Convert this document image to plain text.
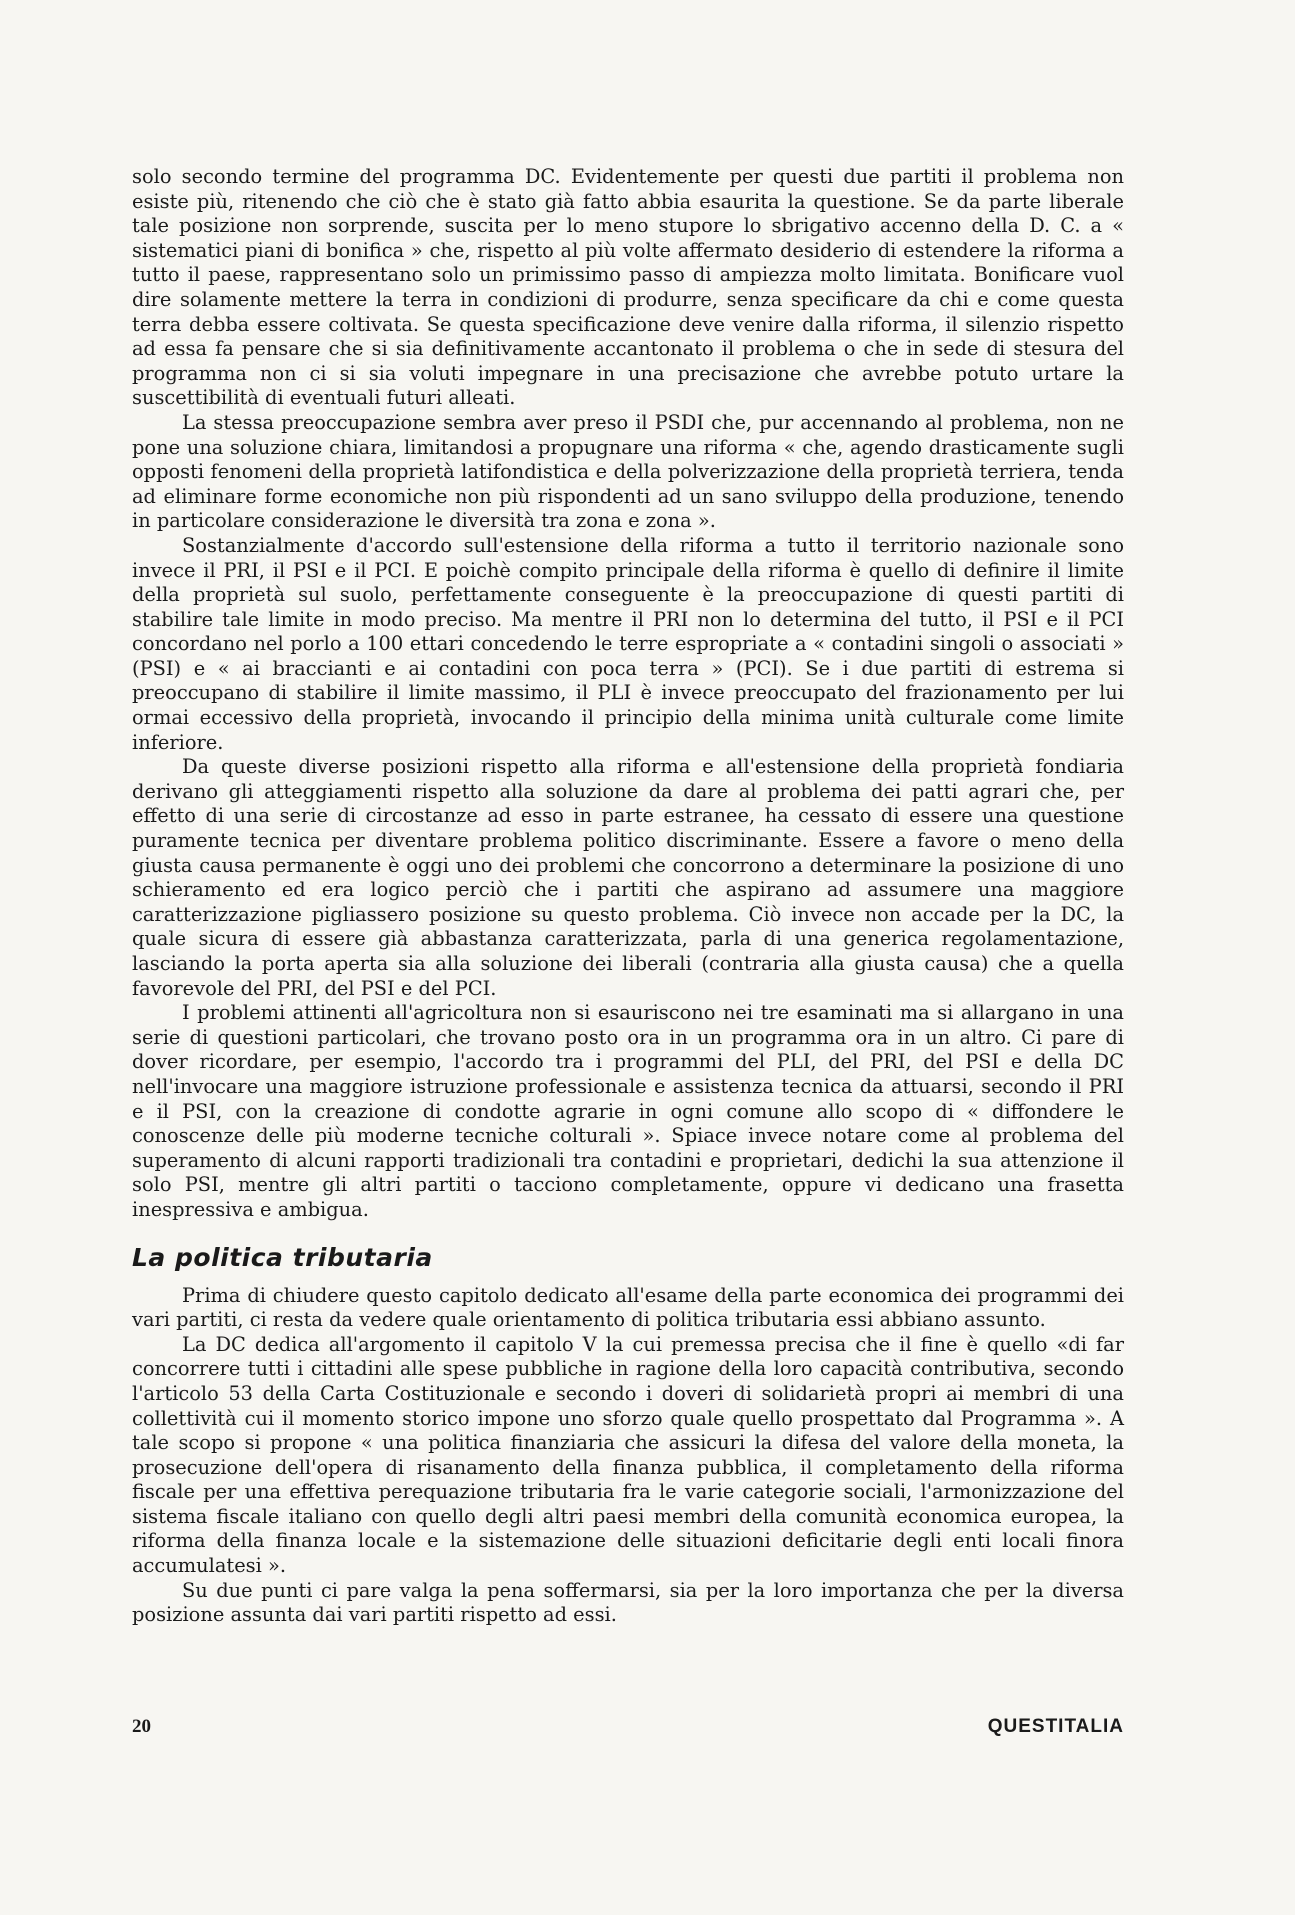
solo secondo termine del programma DC. Evidentemente per questi due partiti il problema non esiste più, ritenendo che ciò che è stato già fatto abbia esaurita la questione. Se da parte liberale tale posizione non sorprende, suscita per lo meno stupore lo sbrigativo accenno della D. C. a « sistematici piani di bonifica » che, rispetto al più volte affermato desiderio di estendere la riforma a tutto il paese, rappresentano solo un primissimo passo di ampiezza molto limitata. Bonificare vuol dire solamente mettere la terra in condizioni di produrre, senza specificare da chi e come questa terra debba essere coltivata. Se questa specificazione deve venire dalla riforma, il silenzio rispetto ad essa fa pensare che si sia definitivamente accantonato il problema o che in sede di stesura del programma non ci si sia voluti impegnare in una precisazione che avrebbe potuto urtare la suscettibilità di eventuali futuri alleati.

La stessa preoccupazione sembra aver preso il PSDI che, pur accennando al problema, non ne pone una soluzione chiara, limitandosi a propugnare una riforma « che, agendo drasticamente sugli opposti fenomeni della proprietà latifondistica e della polverizzazione della proprietà terriera, tenda ad eliminare forme economiche non più rispondenti ad un sano sviluppo della produzione, tenendo in particolare considerazione le diversità tra zona e zona ».

Sostanzialmente d'accordo sull'estensione della riforma a tutto il territorio nazionale sono invece il PRI, il PSI e il PCI. E poichè compito principale della riforma è quello di definire il limite della proprietà sul suolo, perfettamente conseguente è la preoccupazione di questi partiti di stabilire tale limite in modo preciso. Ma mentre il PRI non lo determina del tutto, il PSI e il PCI concordano nel porlo a 100 ettari concedendo le terre espropriate a « contadini singoli o associati » (PSI) e « ai braccianti e ai contadini con poca terra » (PCI). Se i due partiti di estrema si preoccupano di stabilire il limite massimo, il PLI è invece preoccupato del frazionamento per lui ormai eccessivo della proprietà, invocando il principio della minima unità culturale come limite inferiore.

Da queste diverse posizioni rispetto alla riforma e all'estensione della proprietà fondiaria derivano gli atteggiamenti rispetto alla soluzione da dare al problema dei patti agrari che, per effetto di una serie di circostanze ad esso in parte estranee, ha cessato di essere una questione puramente tecnica per diventare problema politico discriminante. Essere a favore o meno della giusta causa permanente è oggi uno dei problemi che concorrono a determinare la posizione di uno schieramento ed era logico perciò che i partiti che aspirano ad assumere una maggiore caratterizzazione pigliassero posizione su questo problema. Ciò invece non accade per la DC, la quale sicura di essere già abbastanza caratterizzata, parla di una generica regolamentazione, lasciando la porta aperta sia alla soluzione dei liberali (contraria alla giusta causa) che a quella favorevole del PRI, del PSI e del PCI.

I problemi attinenti all'agricoltura non si esauriscono nei tre esaminati ma si allargano in una serie di questioni particolari, che trovano posto ora in un programma ora in un altro. Ci pare di dover ricordare, per esempio, l'accordo tra i programmi del PLI, del PRI, del PSI e della DC nell'invocare una maggiore istruzione professionale e assistenza tecnica da attuarsi, secondo il PRI e il PSI, con la creazione di condotte agrarie in ogni comune allo scopo di « diffondere le conoscenze delle più moderne tecniche colturali ». Spiace invece notare come al problema del superamento di alcuni rapporti tradizionali tra contadini e proprietari, dedichi la sua attenzione il solo PSI, mentre gli altri partiti o tacciono completamente, oppure vi dedicano una frasetta inespressiva e ambigua.

La politica tributaria

Prima di chiudere questo capitolo dedicato all'esame della parte economica dei programmi dei vari partiti, ci resta da vedere quale orientamento di politica tributaria essi abbiano assunto.

La DC dedica all'argomento il capitolo V la cui premessa precisa che il fine è quello «di far concorrere tutti i cittadini alle spese pubbliche in ragione della loro capacità contributiva, secondo l'articolo 53 della Carta Costituzionale e secondo i doveri di solidarietà propri ai membri di una collettività cui il momento storico impone uno sforzo quale quello prospettato dal Programma ». A tale scopo si propone « una politica finanziaria che assicuri la difesa del valore della moneta, la prosecuzione dell'opera di risanamento della finanza pubblica, il completamento della riforma fiscale per una effettiva perequazione tributaria fra le varie categorie sociali, l'armonizzazione del sistema fiscale italiano con quello degli altri paesi membri della comunità economica europea, la riforma della finanza locale e la sistemazione delle situazioni deficitarie degli enti locali finora accumulatesi ».

Su due punti ci pare valga la pena soffermarsi, sia per la loro importanza che per la diversa posizione assunta dai vari partiti rispetto ad essi.

20	QUESTITALIA
